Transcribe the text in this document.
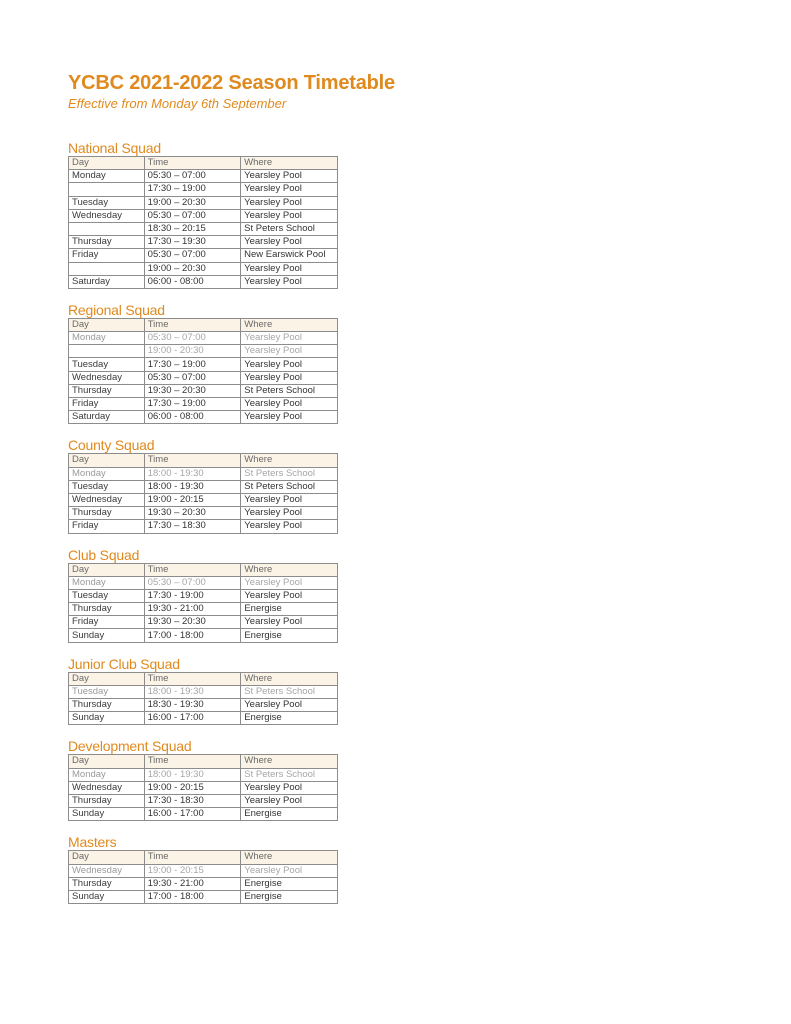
YCBC 2021-2022 Season Timetable

Effective from Monday 6th September

National Squad
Day	Time	Where
Monday	05:30 – 07:00	Yearsley Pool
	17:30 – 19:00	Yearsley Pool
Tuesday	19:00 – 20:30	Yearsley Pool
Wednesday	05:30 – 07:00	Yearsley Pool
	18:30 – 20:15	St Peters School
Thursday	17:30 – 19:30	Yearsley Pool
Friday	05:30 – 07:00	New Earswick Pool
	19:00 – 20:30	Yearsley Pool
Saturday	06:00 - 08:00	Yearsley Pool
Regional Squad
Day	Time	Where
Monday	05:30 – 07:00	Yearsley Pool
	19:00 - 20:30	Yearsley Pool
Tuesday	17:30 – 19:00	Yearsley Pool
Wednesday	05:30 – 07:00	Yearsley Pool
Thursday	19:30 – 20:30	St Peters School
Friday	17:30 – 19:00	Yearsley Pool
Saturday	06:00 - 08:00	Yearsley Pool
County Squad
Day	Time	Where
Monday	18:00 - 19:30	St Peters School
Tuesday	18:00 - 19:30	St Peters School
Wednesday	19:00 - 20:15	Yearsley Pool
Thursday	19:30 – 20:30	Yearsley Pool
Friday	17:30 – 18:30	Yearsley Pool
Club Squad
Day	Time	Where
Monday	05:30 – 07:00	Yearsley Pool
Tuesday	17:30 - 19:00	Yearsley Pool
Thursday	19:30 - 21:00	Energise
Friday	19:30 – 20:30	Yearsley Pool
Sunday	17:00 - 18:00	Energise
Junior Club Squad
Day	Time	Where
Tuesday	18:00 - 19:30	St Peters School
Thursday	18:30 - 19:30	Yearsley Pool
Sunday	16:00 - 17:00	Energise
Development Squad
Day	Time	Where
Monday	18:00 - 19:30	St Peters School
Wednesday	19:00 - 20:15	Yearsley Pool
Thursday	17:30 - 18:30	Yearsley Pool
Sunday	16:00 - 17:00	Energise
Masters
Day	Time	Where
Wednesday	19:00 - 20:15	Yearsley Pool
Thursday	19:30 - 21:00	Energise
Sunday	17:00 - 18:00	Energise
